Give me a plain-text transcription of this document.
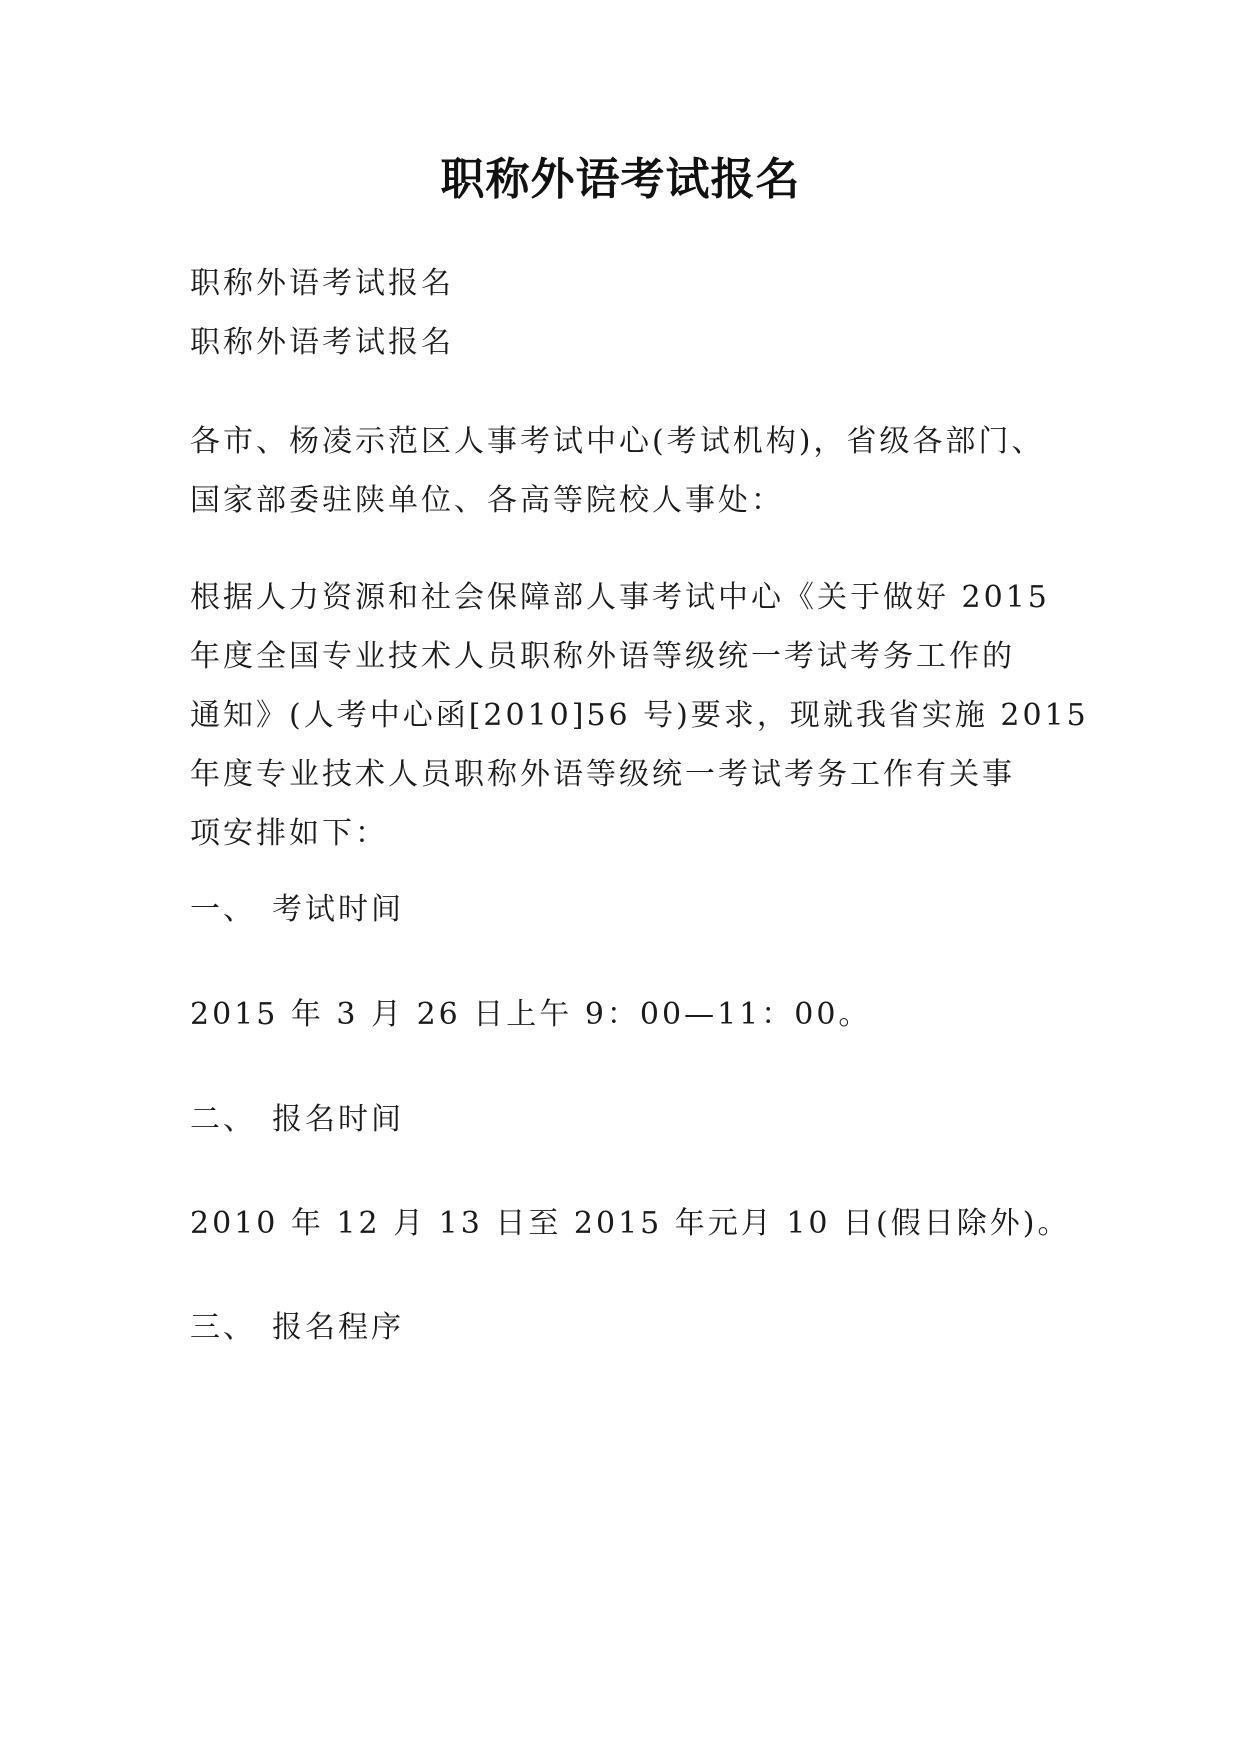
职称外语考试报名
职称外语考试报名
职称外语考试报名
各市、杨凌示范区人事考试中心(考试机构)，省级各部门、
国家部委驻陕单位、各高等院校人事处：
根据人力资源和社会保障部人事考试中心《关于做好 2015
年度全国专业技术人员职称外语等级统一考试考务工作的
通知》(人考中心函[2010]56 号)要求，现就我省实施 2015
年度专业技术人员职称外语等级统一考试考务工作有关事
项安排如下：
一、 考试时间
2015 年 3 月 26 日上午 9：00—11：00。
二、 报名时间
2010 年 12 月 13 日至 2015 年元月 10 日(假日除外)。
三、 报名程序
